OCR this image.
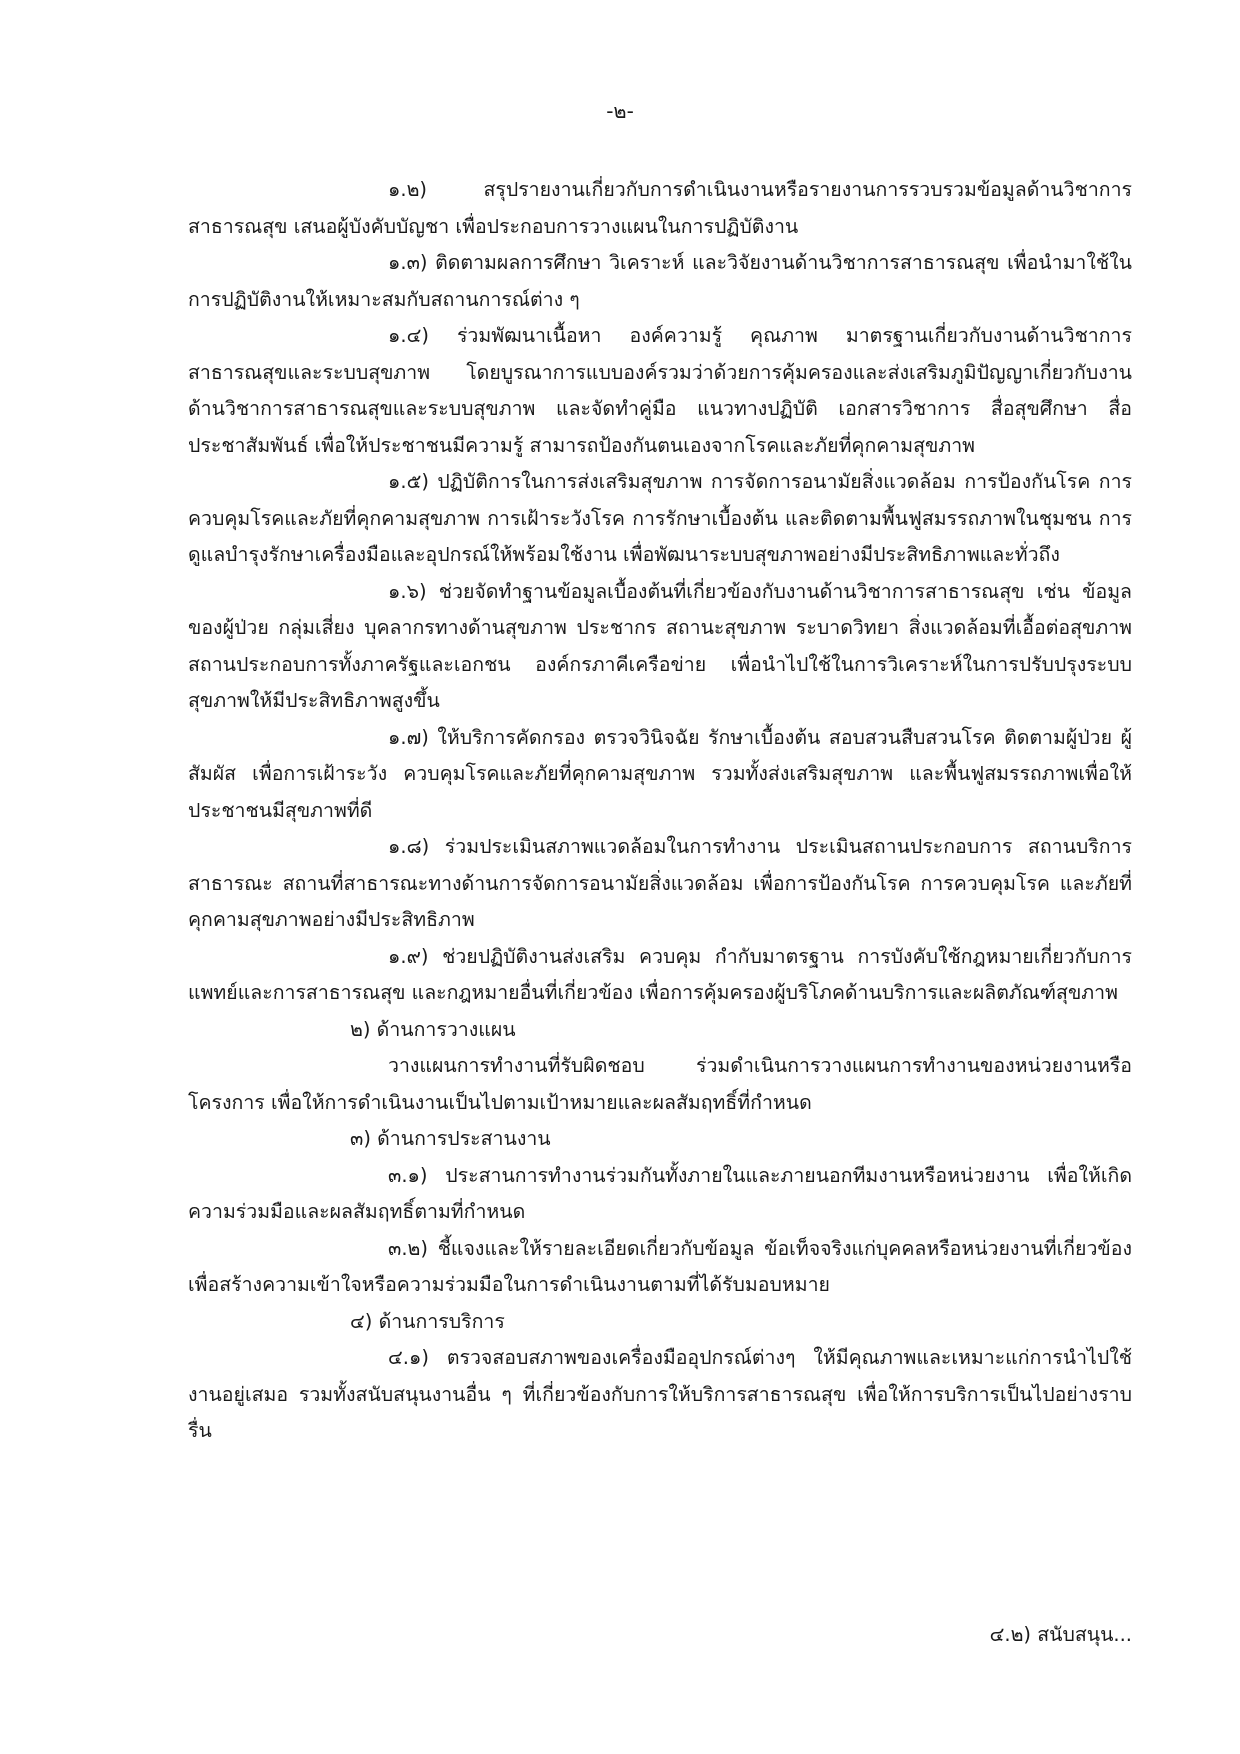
-๒-

๑.๒) สรุปรายงานเกี่ยวกับการดำเนินงานหรือรายงานการรวบรวมข้อมูลด้านวิชาการสาธารณสุข เสนอผู้บังคับบัญชา เพื่อประกอบการวางแผนในการปฏิบัติงาน

๑.๓) ติดตามผลการศึกษา วิเคราะห์ และวิจัยงานด้านวิชาการสาธารณสุข เพื่อนำมาใช้ในการปฏิบัติงานให้เหมาะสมกับสถานการณ์ต่าง ๆ

๑.๔) ร่วมพัฒนาเนื้อหา องค์ความรู้ คุณภาพ มาตรฐานเกี่ยวกับงานด้านวิชาการสาธารณสุขและระบบสุขภาพ โดยบูรณาการแบบองค์รวมว่าด้วยการคุ้มครองและส่งเสริมภูมิปัญญาเกี่ยวกับงานด้านวิชาการสาธารณสุขและระบบสุขภาพ และจัดทำคู่มือ แนวทางปฏิบัติ เอกสารวิชาการ สื่อสุขศึกษา สื่อประชาสัมพันธ์ เพื่อให้ประชาชนมีความรู้ สามารถป้องกันตนเองจากโรคและภัยที่คุกคามสุขภาพ

๑.๕) ปฏิบัติการในการส่งเสริมสุขภาพ การจัดการอนามัยสิ่งแวดล้อม การป้องกันโรค การควบคุมโรคและภัยที่คุกคามสุขภาพ การเฝ้าระวังโรค การรักษาเบื้องต้น และติดตามพื้นฟูสมรรถภาพในชุมชน การดูแลบำรุงรักษาเครื่องมือและอุปกรณ์ให้พร้อมใช้งาน เพื่อพัฒนาระบบสุขภาพอย่างมีประสิทธิภาพและทั่วถึง

๑.๖) ช่วยจัดทำฐานข้อมูลเบื้องต้นที่เกี่ยวข้องกับงานด้านวิชาการสาธารณสุข เช่น ข้อมูลของผู้ป่วย กลุ่มเสี่ยง บุคลากรทางด้านสุขภาพ ประชากร สถานะสุขภาพ ระบาดวิทยา สิ่งแวดล้อมที่เอื้อต่อสุขภาพ สถานประกอบการทั้งภาครัฐและเอกชน องค์กรภาคีเครือข่าย เพื่อนำไปใช้ในการวิเคราะห์ในการปรับปรุงระบบสุขภาพให้มีประสิทธิภาพสูงขึ้น

๑.๗) ให้บริการคัดกรอง ตรวจวินิจฉัย รักษาเบื้องต้น สอบสวนสืบสวนโรค ติดตามผู้ป่วย ผู้สัมผัส เพื่อการเฝ้าระวัง ควบคุมโรคและภัยที่คุกคามสุขภาพ รวมทั้งส่งเสริมสุขภาพ และพื้นฟูสมรรถภาพเพื่อให้ประชาชนมีสุขภาพที่ดี

๑.๘) ร่วมประเมินสภาพแวดล้อมในการทำงาน ประเมินสถานประกอบการ สถานบริการสาธารณะ สถานที่สาธารณะทางด้านการจัดการอนามัยสิ่งแวดล้อม เพื่อการป้องกันโรค การควบคุมโรค และภัยที่คุกคามสุขภาพอย่างมีประสิทธิภาพ

๑.๙) ช่วยปฏิบัติงานส่งเสริม ควบคุม กำกับมาตรฐาน การบังคับใช้กฎหมายเกี่ยวกับการแพทย์และการสาธารณสุข และกฎหมายอื่นที่เกี่ยวข้อง เพื่อการคุ้มครองผู้บริโภคด้านบริการและผลิตภัณฑ์สุขภาพ

๒) ด้านการวางแผน

วางแผนการทำงานที่รับผิดชอบ ร่วมดำเนินการวางแผนการทำงานของหน่วยงานหรือโครงการ เพื่อให้การดำเนินงานเป็นไปตามเป้าหมายและผลสัมฤทธิ์ที่กำหนด

๓) ด้านการประสานงาน

๓.๑) ประสานการทำงานร่วมกันทั้งภายในและภายนอกทีมงานหรือหน่วยงาน เพื่อให้เกิดความร่วมมือและผลสัมฤทธิ์ตามที่กำหนด

๓.๒) ชี้แจงและให้รายละเอียดเกี่ยวกับข้อมูล ข้อเท็จจริงแก่บุคคลหรือหน่วยงานที่เกี่ยวข้อง เพื่อสร้างความเข้าใจหรือความร่วมมือในการดำเนินงานตามที่ได้รับมอบหมาย

๔) ด้านการบริการ

๔.๑) ตรวจสอบสภาพของเครื่องมืออุปกรณ์ต่างๆ ให้มีคุณภาพและเหมาะแก่การนำไปใช้งานอยู่เสมอ รวมทั้งสนับสนุนงานอื่น ๆ ที่เกี่ยวข้องกับการให้บริการสาธารณสุข เพื่อให้การบริการเป็นไปอย่างราบรื่น

๔.๒) สนับสนุน...
